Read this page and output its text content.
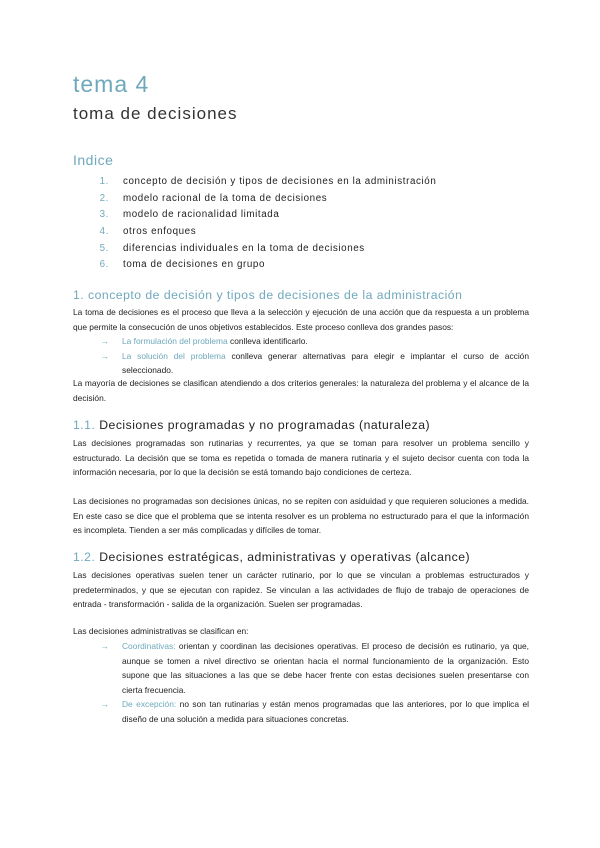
tema 4
toma de decisiones
Indice
1.	concepto de decisión y tipos de decisiones en la administración
2.	modelo racional de la toma de decisiones
3.	modelo de racionalidad limitada
4.	otros enfoques
5.	diferencias individuales en la toma de decisiones
6.	toma de decisiones en grupo
1. concepto de decisión y tipos de decisiones de la administración
La toma de decisiones es el proceso que lleva a la selección y ejecución de una acción que da respuesta a un problema que permite la consecución de unos objetivos establecidos. Este proceso conlleva dos grandes pasos:
→	La formulación del problema conlleva identificarlo.
→	La solución del problema conlleva generar alternativas para elegir e implantar el curso de acción seleccionado.
La mayoría de decisiones se clasifican atendiendo a dos criterios generales: la naturaleza del problema y el alcance de la decisión.
1.1. Decisiones programadas y no programadas (naturaleza)
Las decisiones programadas son rutinarias y recurrentes, ya que se toman para resolver un problema sencillo y estructurado. La decisión que se toma es repetida o tomada de manera rutinaria y el sujeto decisor cuenta con toda la información necesaria, por lo que la decisión se está tomando bajo condiciones de certeza.
Las decisiones no programadas son decisiones únicas, no se repiten con asiduidad y que requieren soluciones a medida. En este caso se dice que el problema que se intenta resolver es un problema no estructurado para el que la información es incompleta. Tienden a ser más complicadas y difíciles de tomar.
1.2. Decisiones estratégicas, administrativas y operativas (alcance)
Las decisiones operativas suelen tener un carácter rutinario, por lo que se vinculan a problemas estructurados y predeterminados, y que se ejecutan con rapidez. Se vinculan a las actividades de flujo de trabajo de operaciones de entrada - transformación - salida de la organización. Suelen ser programadas.
Las decisiones administrativas se clasifican en:
→	Coordinativas: orientan y coordinan las decisiones operativas. El proceso de decisión es rutinario, ya que, aunque se tomen a nivel directivo se orientan hacia el normal funcionamiento de la organización. Esto supone que las situaciones a las que se debe hacer frente con estas decisiones suelen presentarse con cierta frecuencia.
→	De excepción: no son tan rutinarias y están menos programadas que las anteriores, por lo que implica el diseño de una solución a medida para situaciones concretas.
